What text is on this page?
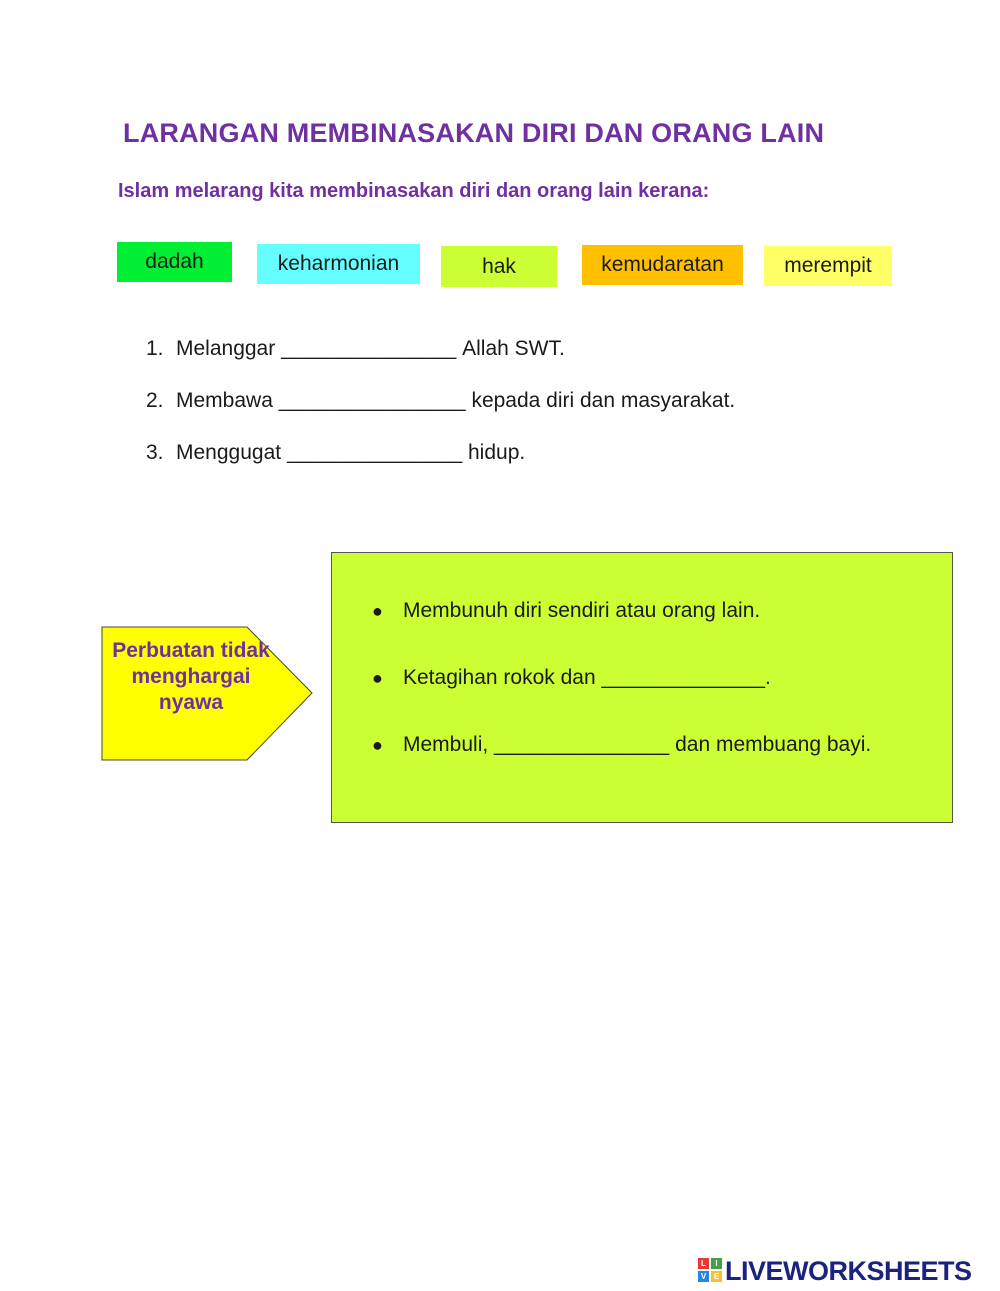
LARANGAN MEMBINASAKAN DIRI DAN ORANG LAIN
Islam melarang kita membinasakan diri dan orang lain kerana:
dadah	keharmonian	hak	kemudaratan	merempit
1. Melanggar
_______________
Allah SWT.
2. Membawa
________________
kepada diri dan masyarakat.
3. Menggugat
_______________
hidup.
Perbuatan tidak menghargai nyawa
● Membunuh diri sendiri atau orang lain.
● Ketagihan rokok dan
______________ .
● Membuli,
_______________
dan membuang bayi.
L	I
V E LIVEWORKSHEETS
